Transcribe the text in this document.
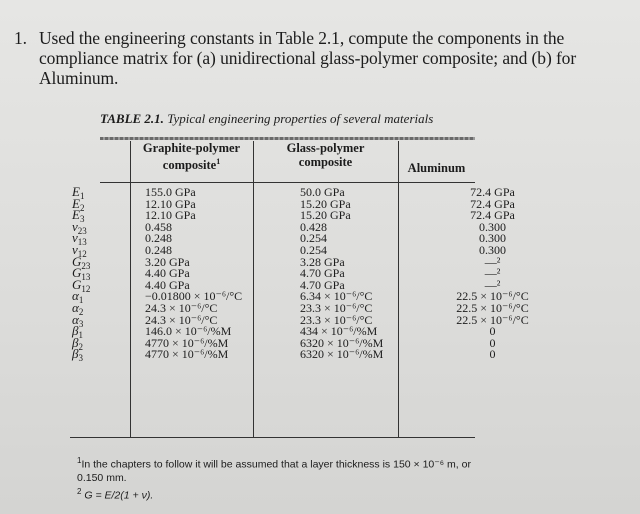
1. Used the engineering constants in Table 2.1, compute the components in the compliance matrix for (a) unidirectional glass-polymer composite; and (b) for Aluminum.
TABLE 2.1. Typical engineering properties of several materials
Graphite-polymer
composite$^1$
Glass-polymer
composite	Aluminum
$E_1$
$E_2$
$E_3$
$\nu_{23}$
$\nu_{13}$
$\nu_{12}$
$G_{23}$
$G_{13}$
$G_{12}$
$\alpha_1$
$\alpha_2$
$\alpha_3$
$\beta_1$
$\beta_2$
$\beta_3$
155.0 GPa
12.10 GPa
12.10 GPa
0.458
0.248
0.248
3.20 GPa
4.40 GPa
4.40 GPa
−0.01800 × 10⁻⁶/°C
24.3 × 10⁻⁶/°C
24.3 × 10⁻⁶/°C
146.0 × 10⁻⁶/%M
4770 × 10⁻⁶/%M
4770 × 10⁻⁶/%M
50.0 GPa
15.20 GPa
15.20 GPa
0.428
0.254
0.254
3.28 GPa
4.70 GPa
4.70 GPa
6.34 × 10⁻⁶/°C
23.3 × 10⁻⁶/°C
23.3 × 10⁻⁶/°C
434 × 10⁻⁶/%M
6320 × 10⁻⁶/%M
6320 × 10⁻⁶/%M
72.4 GPa
72.4 GPa
72.4 GPa
0.300
0.300
0.300
—²
—²
—²
22.5 × 10⁻⁶/°C
22.5 × 10⁻⁶/°C
22.5 × 10⁻⁶/°C
0
0
0
$^1$In the chapters to follow it will be assumed that a layer thickness is 150 × 10⁻⁶ m, or
0.150 mm.
$^2$ G = E/2(1 + ν).
